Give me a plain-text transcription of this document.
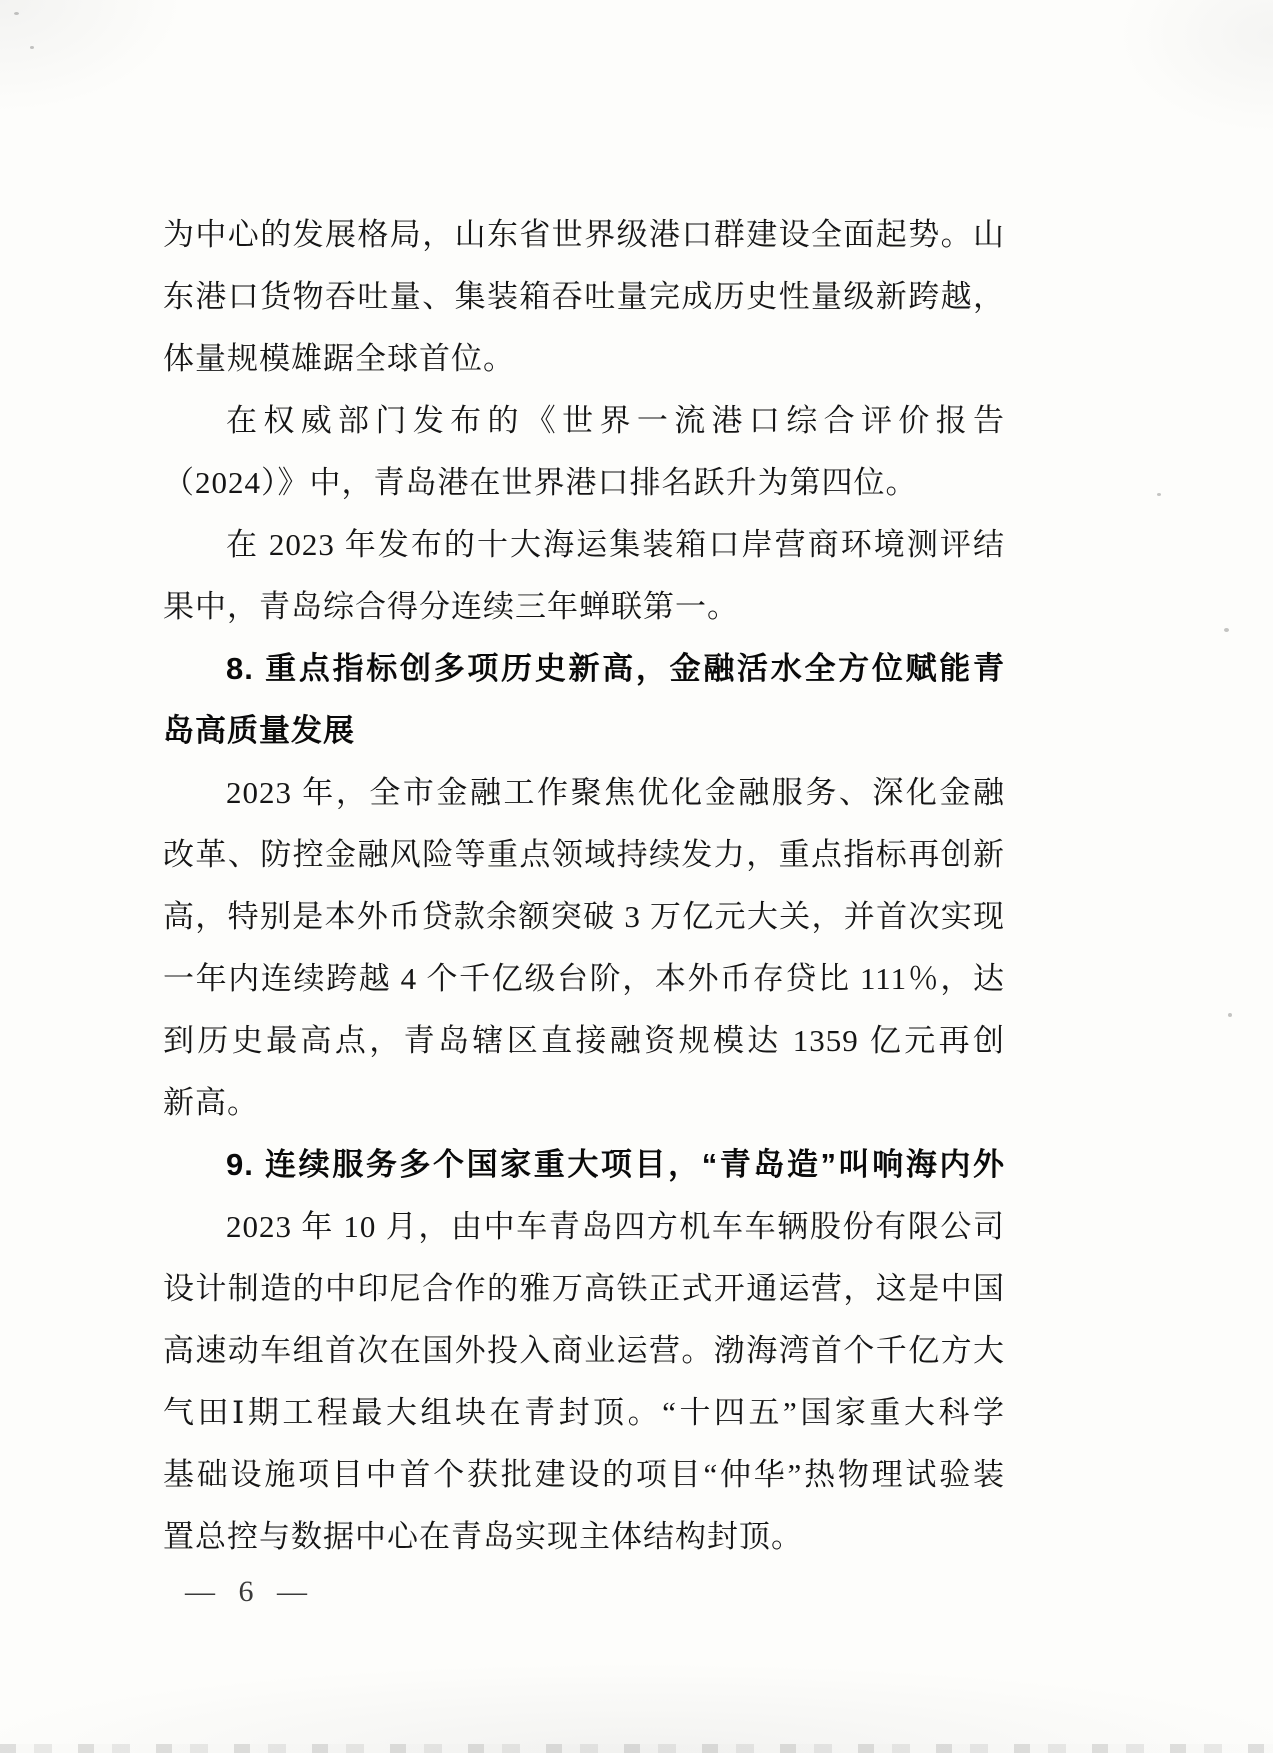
为中心的发展格局，山东省世界级港口群建设全面起势。山
东港口货物吞吐量、集装箱吞吐量完成历史性量级新跨越，
体量规模雄踞全球首位。
在权威部门发布的《世界一流港口综合评价报告
（2024）》中，青岛港在世界港口排名跃升为第四位。
在 2023 年发布的十大海运集装箱口岸营商环境测评结
果中，青岛综合得分连续三年蝉联第一。
8. 重点指标创多项历史新高，金融活水全方位赋能青
岛高质量发展
2023 年，全市金融工作聚焦优化金融服务、深化金融
改革、防控金融风险等重点领域持续发力，重点指标再创新
高，特别是本外币贷款余额突破 3 万亿元大关，并首次实现
一年内连续跨越 4 个千亿级台阶，本外币存贷比 111％，达
到历史最高点，青岛辖区直接融资规模达 1359 亿元再创
新高。
9. 连续服务多个国家重大项目，“青岛造”叫响海内外
2023 年 10 月，由中车青岛四方机车车辆股份有限公司
设计制造的中印尼合作的雅万高铁正式开通运营，这是中国
高速动车组首次在国外投入商业运营。渤海湾首个千亿方大
气田Ⅰ期工程最大组块在青封顶。“十四五”国家重大科学
基础设施项目中首个获批建设的项目“仲华”热物理试验装
置总控与数据中心在青岛实现主体结构封顶。
— 6 —
